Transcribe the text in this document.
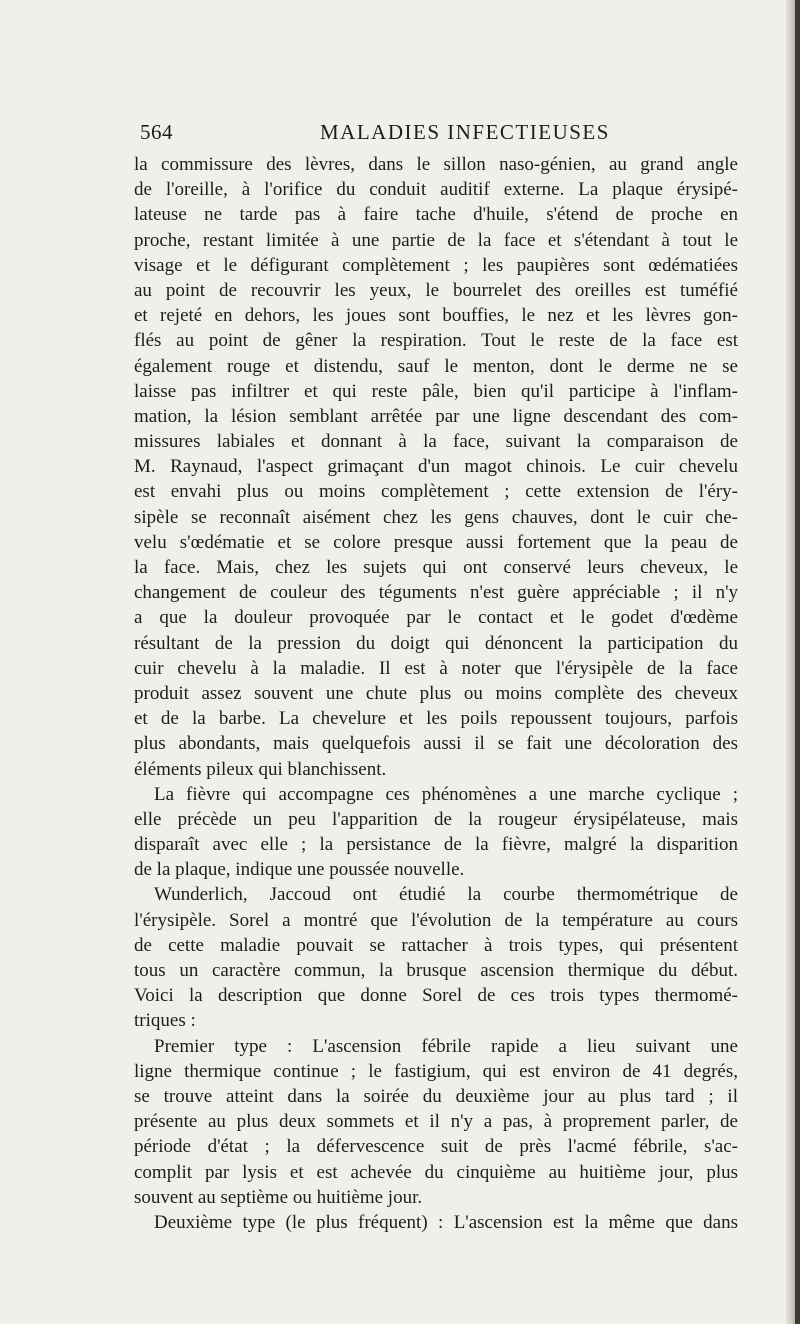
564	MALADIES INFECTIEUSES
la commissure des lèvres, dans le sillon naso-génien, au grand angle
de l'oreille, à l'orifice du conduit auditif externe. La plaque érysipé-
lateuse ne tarde pas à faire tache d'huile, s'étend de proche en
proche, restant limitée à une partie de la face et s'étendant à tout le
visage et le défigurant complètement ; les paupières sont œdématiées
au point de recouvrir les yeux, le bourrelet des oreilles est tuméfié
et rejeté en dehors, les joues sont bouffies, le nez et les lèvres gon-
flés au point de gêner la respiration. Tout le reste de la face est
également rouge et distendu, sauf le menton, dont le derme ne se
laisse pas infiltrer et qui reste pâle, bien qu'il participe à l'inflam-
mation, la lésion semblant arrêtée par une ligne descendant des com-
missures labiales et donnant à la face, suivant la comparaison de
M. Raynaud, l'aspect grimaçant d'un magot chinois. Le cuir chevelu
est envahi plus ou moins complètement ; cette extension de l'éry-
sipèle se reconnaît aisément chez les gens chauves, dont le cuir che-
velu s'œdématie et se colore presque aussi fortement que la peau de
la face. Mais, chez les sujets qui ont conservé leurs cheveux, le
changement de couleur des téguments n'est guère appréciable ; il n'y
a que la douleur provoquée par le contact et le godet d'œdème
résultant de la pression du doigt qui dénoncent la participation du
cuir chevelu à la maladie. Il est à noter que l'érysipèle de la face
produit assez souvent une chute plus ou moins complète des cheveux
et de la barbe. La chevelure et les poils repoussent toujours, parfois
plus abondants, mais quelquefois aussi il se fait une décoloration des
éléments pileux qui blanchissent.
La fièvre qui accompagne ces phénomènes a une marche cyclique ;
elle précède un peu l'apparition de la rougeur érysipélateuse, mais
disparaît avec elle ; la persistance de la fièvre, malgré la disparition
de la plaque, indique une poussée nouvelle.
Wunderlich, Jaccoud ont étudié la courbe thermométrique de
l'érysipèle. Sorel a montré que l'évolution de la température au cours
de cette maladie pouvait se rattacher à trois types, qui présentent
tous un caractère commun, la brusque ascension thermique du début.
Voici la description que donne Sorel de ces trois types thermomé-
triques :
Premier type : L'ascension fébrile rapide a lieu suivant une
ligne thermique continue ; le fastigium, qui est environ de 41 degrés,
se trouve atteint dans la soirée du deuxième jour au plus tard ; il
présente au plus deux sommets et il n'y a pas, à proprement parler, de
période d'état ; la défervescence suit de près l'acmé fébrile, s'ac-
complit par lysis et est achevée du cinquième au huitième jour, plus
souvent au septième ou huitième jour.
Deuxième type (le plus fréquent) : L'ascension est la même que dans
